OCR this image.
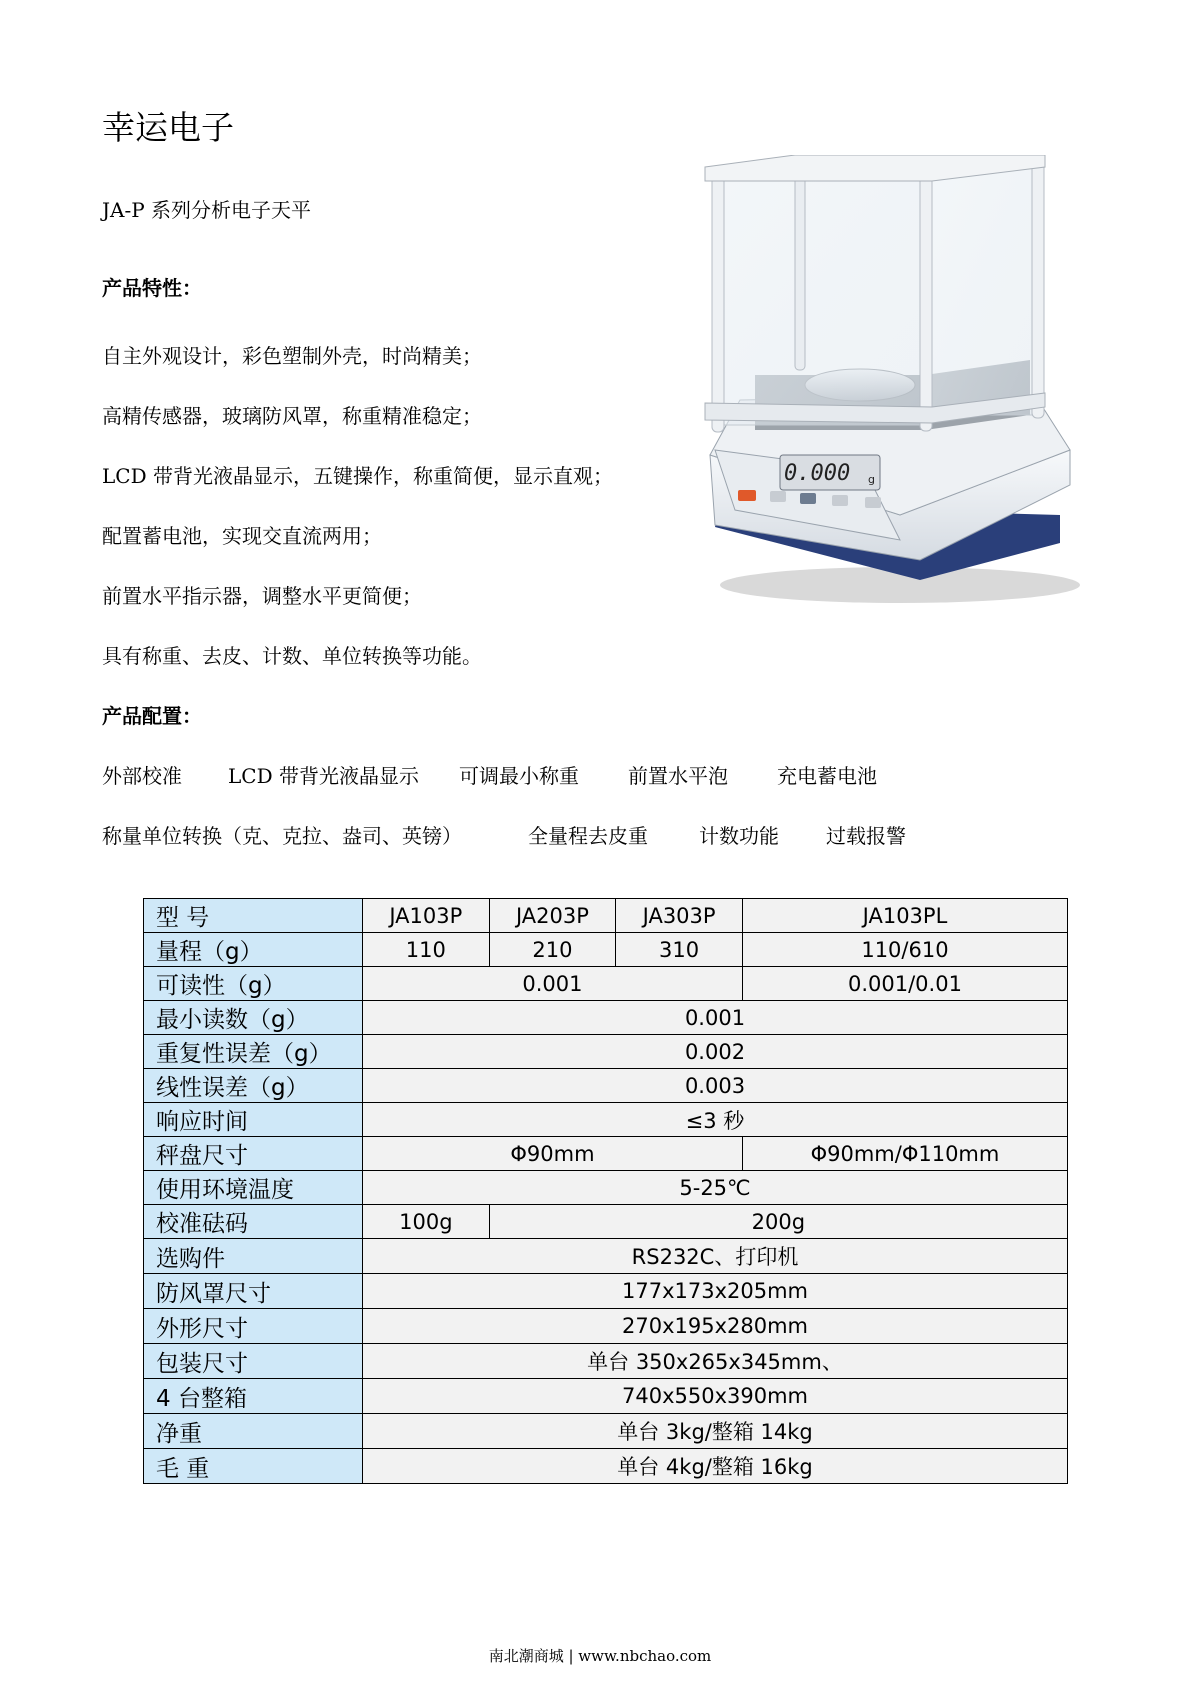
幸运电子
JA-P 系列分析电子天平
产品特性：
自主外观设计，彩色塑制外壳，时尚精美；
高精传感器，玻璃防风罩，称重精准稳定；
LCD 带背光液晶显示，五键操作，称重简便，显示直观；
配置蓄电池，实现交直流两用；
前置水平指示器，调整水平更简便；
具有称重、去皮、计数、单位转换等功能。
产品配置：
外部校准 LCD 带背光液晶显示 可调最小称重 前置水平泡 充电蓄电池
称量单位转换（克、克拉、盎司、英镑）	全量程去皮重	计数功能 过载报警
0.000 g
型 号	JA103P	JA203P	JA303P	JA103PL
量程（g）	110	210	310	110/610
可读性（g）	0.001			0.001/0.01
最小读数（g）	0.001			
重复性误差（g）	0.002			
线性误差（g）	0.003			
响应时间	≤3 秒			
秤盘尺寸	Φ90mm			Φ90mm/Φ110mm
使用环境温度	5-25℃			
校准砝码	100g	200g		
选购件	RS232C、打印机			
防风罩尺寸	177x173x205mm			
外形尺寸	270x195x280mm			
包装尺寸	单台 350x265x345mm、			
4 台整箱	740x550x390mm			
净重	单台 3kg/整箱 14kg			
毛 重	单台 4kg/整箱 16kg			
南北潮商城 | www.nbchao.com
